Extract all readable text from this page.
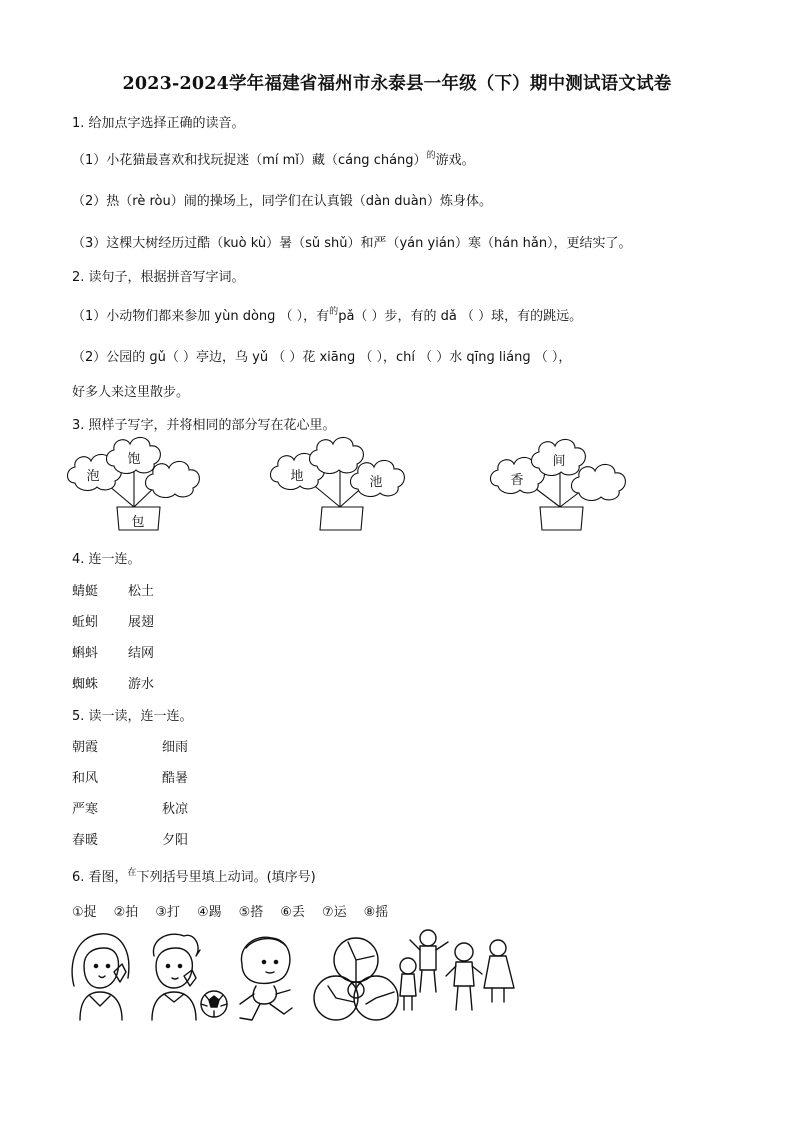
2023-2024学年福建省福州市永泰县一年级（下）期中测试语文试卷
1. 给加点字选择正确的读音。
（1）小花猫最喜欢和找玩捉迷（mí mǐ）藏（cáng cháng）$^的$游戏。
（2）热（rè ròu）闹的操场上，同学们在认真锻（dàn duàn）炼身体。
（3）这棵大树经历过酷（kuò kù）暑（sǔ shǔ）和严（yán yián）寒（hán hǎn），更结实了。
2. 读句子，根据拼音写字词。
（1）小动物们都来参加 yùn dònɡ （ ），有$^的$pǎ（ ）步，有的 dǎ （ ）球，有的跳远。
（2）公园的 ɡǔ（ ）亭边，乌 yǔ （ ）花 xiānɡ （ ），chí （ ）水 qīnɡ liánɡ （ ），
好多人来这里散步。
3. 照样子写字，并将相同的部分写在花心里。
泡
饱
包
地	池	香
间
4. 连一连。
蜻蜓 松土
蚯蚓 展翅
蝌蚪 结网
蜘蛛 游水
5. 读一读，连一连。
朝霞	细雨
和风	酷暑
严寒	秋凉
春暖	夕阳
6. 看图，$^在$下列括号里填上动词。(填序号)
①捉 ②拍 ③打 ④踢 ⑤搭 ⑥丢 ⑦运 ⑧摇
